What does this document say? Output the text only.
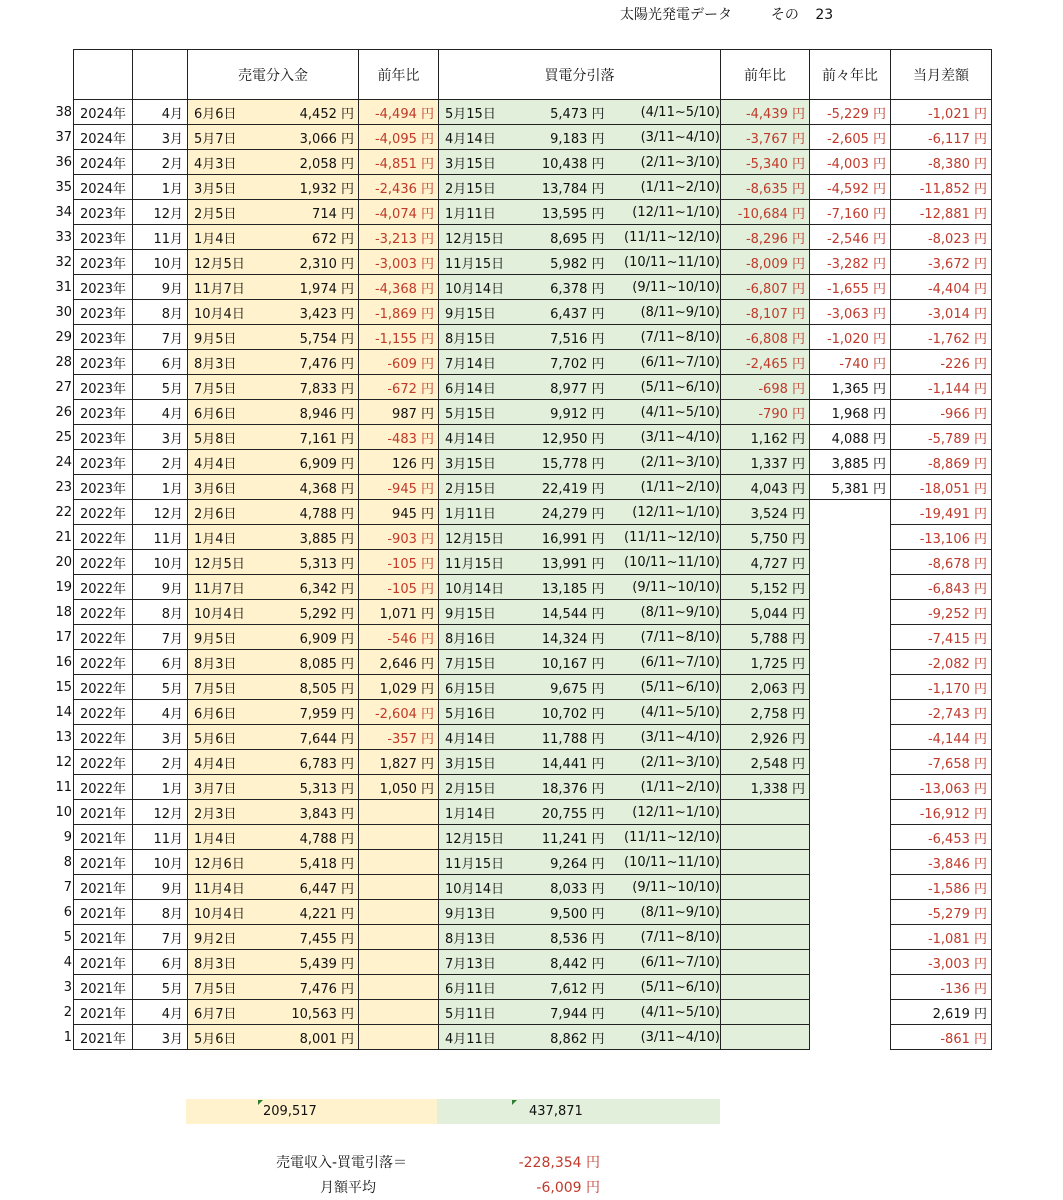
太陽光発電データ	その 23
			売電分入金		前年比	買電分引落			前年比	前々年比	当月差額
38	2024年	4月	6月6日	4,452 円	-4,494 円	5月15日	5,473 円	(4/11~5/10)	-4,439 円	-5,229 円	-1,021 円
37	2024年	3月	5月7日	3,066 円	-4,095 円	4月14日	9,183 円	(3/11~4/10)	-3,767 円	-2,605 円	-6,117 円
36	2024年	2月	4月3日	2,058 円	-4,851 円	3月15日	10,438 円	(2/11~3/10)	-5,340 円	-4,003 円	-8,380 円
35	2024年	1月	3月5日	1,932 円	-2,436 円	2月15日	13,784 円	(1/11~2/10)	-8,635 円	-4,592 円	-11,852 円
34	2023年	12月	2月5日	714 円	-4,074 円	1月11日	13,595 円	(12/11~1/10)	-10,684 円	-7,160 円	-12,881 円
33	2023年	11月	1月4日	672 円	-3,213 円	12月15日	8,695 円	(11/11~12/10)	-8,296 円	-2,546 円	-8,023 円
32	2023年	10月	12月5日	2,310 円	-3,003 円	11月15日	5,982 円	(10/11~11/10)	-8,009 円	-3,282 円	-3,672 円
31	2023年	9月	11月7日	1,974 円	-4,368 円	10月14日	6,378 円	(9/11~10/10)	-6,807 円	-1,655 円	-4,404 円
30	2023年	8月	10月4日	3,423 円	-1,869 円	9月15日	6,437 円	(8/11~9/10)	-8,107 円	-3,063 円	-3,014 円
29	2023年	7月	9月5日	5,754 円	-1,155 円	8月15日	7,516 円	(7/11~8/10)	-6,808 円	-1,020 円	-1,762 円
28	2023年	6月	8月3日	7,476 円	-609 円	7月14日	7,702 円	(6/11~7/10)	-2,465 円	-740 円	-226 円
27	2023年	5月	7月5日	7,833 円	-672 円	6月14日	8,977 円	(5/11~6/10)	-698 円	1,365 円	-1,144 円
26	2023年	4月	6月6日	8,946 円	987 円	5月15日	9,912 円	(4/11~5/10)	-790 円	1,968 円	-966 円
25	2023年	3月	5月8日	7,161 円	-483 円	4月14日	12,950 円	(3/11~4/10)	1,162 円	4,088 円	-5,789 円
24	2023年	2月	4月4日	6,909 円	126 円	3月15日	15,778 円	(2/11~3/10)	1,337 円	3,885 円	-8,869 円
23	2023年	1月	3月6日	4,368 円	-945 円	2月15日	22,419 円	(1/11~2/10)	4,043 円	5,381 円	-18,051 円
22	2022年	12月	2月6日	4,788 円	945 円	1月11日	24,279 円	(12/11~1/10)	3,524 円		-19,491 円
21	2022年	11月	1月4日	3,885 円	-903 円	12月15日	16,991 円	(11/11~12/10)	5,750 円		-13,106 円
20	2022年	10月	12月5日	5,313 円	-105 円	11月15日	13,991 円	(10/11~11/10)	4,727 円		-8,678 円
19	2022年	9月	11月7日	6,342 円	-105 円	10月14日	13,185 円	(9/11~10/10)	5,152 円		-6,843 円
18	2022年	8月	10月4日	5,292 円	1,071 円	9月15日	14,544 円	(8/11~9/10)	5,044 円		-9,252 円
17	2022年	7月	9月5日	6,909 円	-546 円	8月16日	14,324 円	(7/11~8/10)	5,788 円		-7,415 円
16	2022年	6月	8月3日	8,085 円	2,646 円	7月15日	10,167 円	(6/11~7/10)	1,725 円		-2,082 円
15	2022年	5月	7月5日	8,505 円	1,029 円	6月15日	9,675 円	(5/11~6/10)	2,063 円		-1,170 円
14	2022年	4月	6月6日	7,959 円	-2,604 円	5月16日	10,702 円	(4/11~5/10)	2,758 円		-2,743 円
13	2022年	3月	5月6日	7,644 円	-357 円	4月14日	11,788 円	(3/11~4/10)	2,926 円		-4,144 円
12	2022年	2月	4月4日	6,783 円	1,827 円	3月15日	14,441 円	(2/11~3/10)	2,548 円		-7,658 円
11	2022年	1月	3月7日	5,313 円	1,050 円	2月15日	18,376 円	(1/11~2/10)	1,338 円		-13,063 円
10	2021年	12月	2月3日	3,843 円		1月14日	20,755 円	(12/11~1/10)			-16,912 円
9	2021年	11月	1月4日	4,788 円		12月15日	11,241 円	(11/11~12/10)			-6,453 円
8	2021年	10月	12月6日	5,418 円		11月15日	9,264 円	(10/11~11/10)			-3,846 円
7	2021年	9月	11月4日	6,447 円		10月14日	8,033 円	(9/11~10/10)			-1,586 円
6	2021年	8月	10月4日	4,221 円		9月13日	9,500 円	(8/11~9/10)			-5,279 円
5	2021年	7月	9月2日	7,455 円		8月13日	8,536 円	(7/11~8/10)			-1,081 円
4	2021年	6月	8月3日	5,439 円		7月13日	8,442 円	(6/11~7/10)			-3,003 円
3	2021年	5月	7月5日	7,476 円		6月11日	7,612 円	(5/11~6/10)			-136 円
2	2021年	4月	6月7日	10,563 円		5月11日	7,944 円	(4/11~5/10)			2,619 円
1	2021年	3月	5月6日	8,001 円		4月11日	8,862 円	(3/11~4/10)			-861 円
209,517	437,871
売電収入-買電引落＝	-228,354 円
月額平均	-6,009 円
